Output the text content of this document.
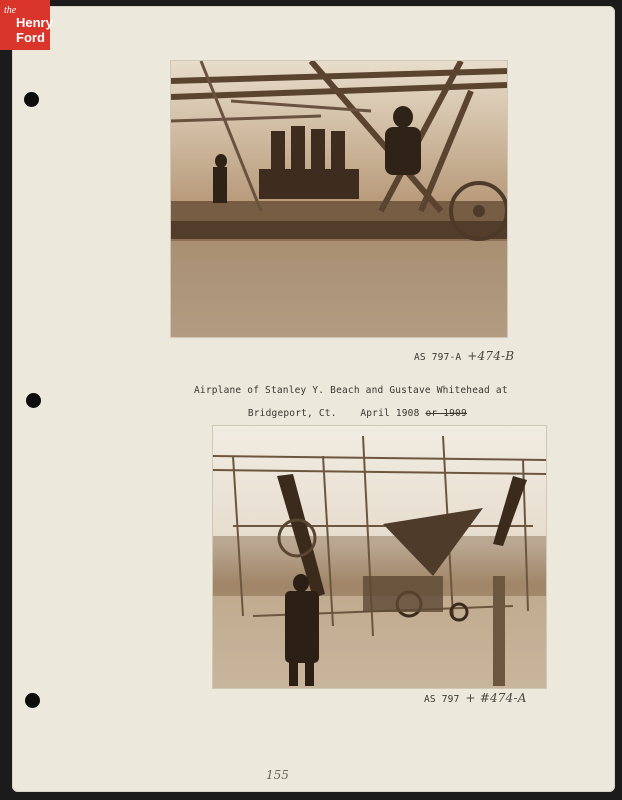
the
Henry
Ford
AS 797-A +474-B
Airplane of Stanley Y. Beach and Gustave Whitehead at

Bridgeport, Ct.    April 1908 or 1909

AS 797 + #474-A
155
